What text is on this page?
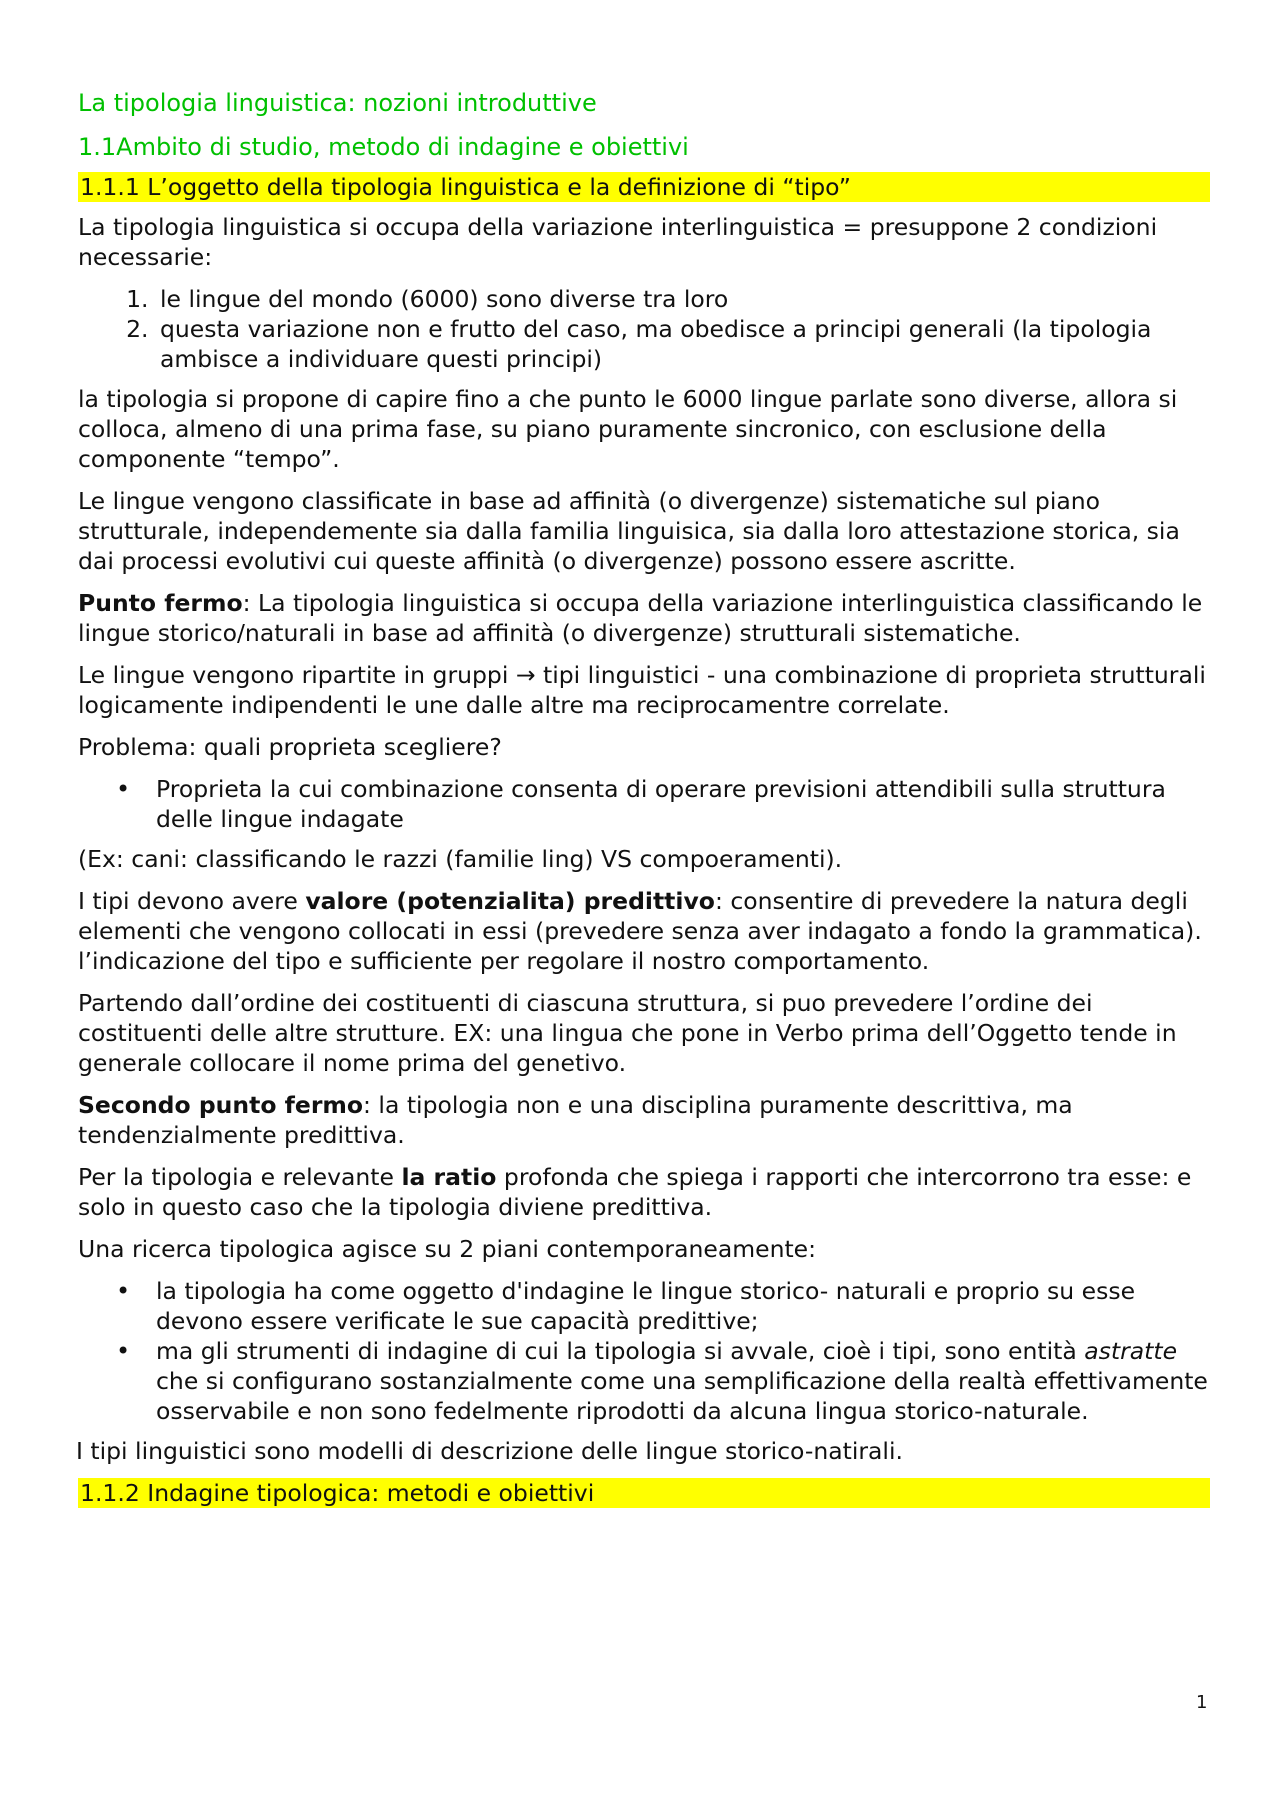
La tipologia linguistica: nozioni introduttive
1.1Ambito di studio, metodo di indagine e obiettivi
1.1.1 L’oggetto della tipologia linguistica e la definizione di “tipo”

La tipologia linguistica si occupa della variazione interlinguistica = presuppone 2 condizioni necessarie:

1. le lingue del mondo (6000) sono diverse tra loro
2. questa variazione non e frutto del caso, ma obedisce a principi generali (la tipologia ambisce a individuare questi principi)

la tipologia si propone di capire fino a che punto le 6000 lingue parlate sono diverse, allora si colloca, almeno di una prima fase, su piano puramente sincronico, con esclusione della componente “tempo”.

Le lingue vengono classificate in base ad affinità (o divergenze) sistematiche sul piano strutturale, independemente sia dalla familia linguisica, sia dalla loro attestazione storica, sia dai processi evolutivi cui queste affinità (o divergenze) possono essere ascritte.

Punto fermo: La tipologia linguistica si occupa della variazione interlinguistica classificando le lingue storico/naturali in base ad affinità (o divergenze) strutturali sistematiche.

Le lingue vengono ripartite in gruppi → tipi linguistici - una combinazione di proprieta strutturali logicamente indipendenti le une dalle altre ma reciprocamentre correlate.

Problema: quali proprieta scegliere?

• Proprieta la cui combinazione consenta di operare previsioni attendibili sulla struttura delle lingue indagate

(Ex: cani: classificando le razzi (familie ling) VS compoeramenti).

I tipi devono avere valore (potenzialita) predittivo: consentire di prevedere la natura degli elementi che vengono collocati in essi (prevedere senza aver indagato a fondo la grammatica). l’indicazione del tipo e sufficiente per regolare il nostro comportamento.

Partendo dall’ordine dei costituenti di ciascuna struttura, si puo prevedere l’ordine dei costituenti delle altre strutture. EX: una lingua che pone in Verbo prima dell’Oggetto tende in generale collocare il nome prima del genetivo.

Secondo punto fermo: la tipologia non e una disciplina puramente descrittiva, ma tendenzialmente predittiva.

Per la tipologia e relevante la ratio profonda che spiega i rapporti che intercorrono tra esse: e solo in questo caso che la tipologia diviene predittiva.

Una ricerca tipologica agisce su 2 piani contemporaneamente:

• la tipologia ha come oggetto d'indagine le lingue storico- naturali e proprio su esse devono essere verificate le sue capacità predittive;
• ma gli strumenti di indagine di cui la tipologia si avvale, cioè i tipi, sono entità astratte che si configurano sostanzialmente come una semplificazione della realtà effettivamente osservabile e non sono fedelmente riprodotti da alcuna lingua storico-naturale.

I tipi linguistici sono modelli di descrizione delle lingue storico-natirali.

1.1.2 Indagine tipologica: metodi e obiettivi
1
